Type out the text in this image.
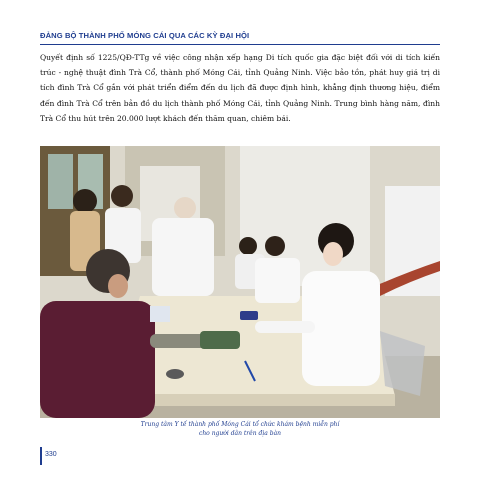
ĐẢNG BỘ THÀNH PHỐ MÓNG CÁI QUA CÁC KỲ ĐẠI HỘI

Quyết định số 1225/QĐ-TTg về việc công nhận xếp hạng Di tích quốc gia đặc biệt đối với di tích kiến trúc - nghệ thuật đình Trà Cổ, thành phố Móng Cái, tỉnh Quảng Ninh. Việc bảo tồn, phát huy giá trị di tích đình Trà Cổ gắn với phát triển điểm đến du lịch đã được định hình, khẳng định thương hiệu, điểm đến đình Trà Cổ trên bản đồ du lịch thành phố Móng Cái, tỉnh Quảng Ninh. Trung bình hàng năm, đình Trà Cổ thu hút trên 20.000 lượt khách đến thăm quan, chiêm bái.

Trung tâm Y tế thành phố Móng Cái tổ chức khám bệnh miễn phí
cho người dân trên địa bàn
330
